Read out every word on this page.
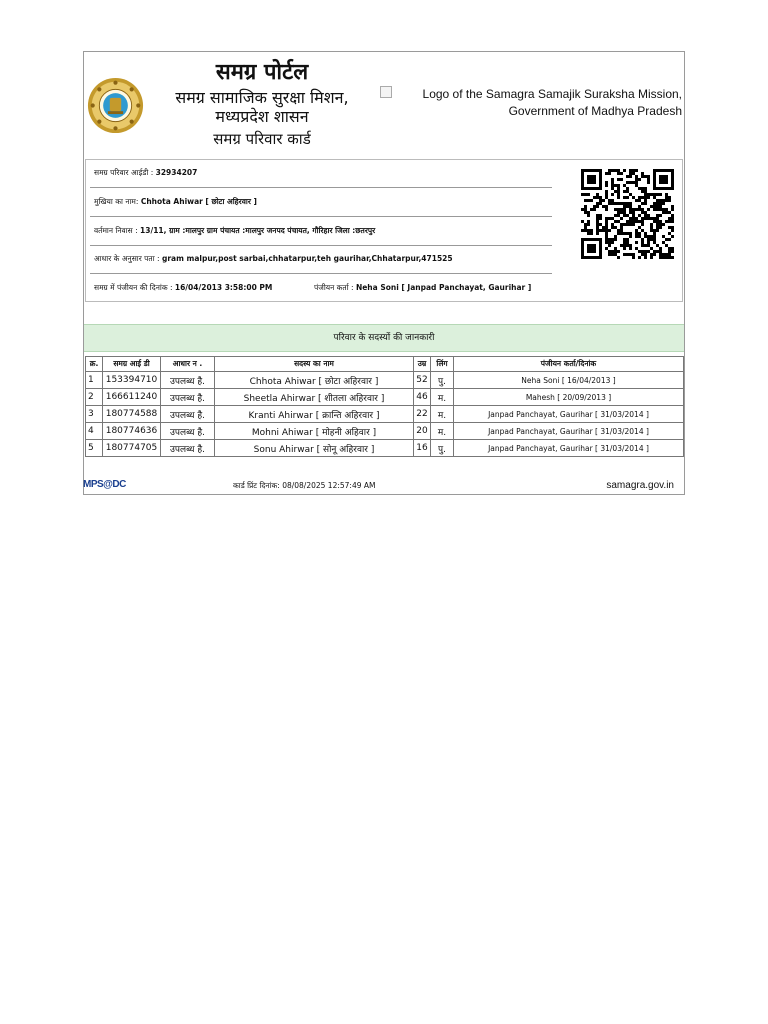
समग्र पोर्टल
समग्र सामाजिक सुरक्षा मिशन,
मध्यप्रदेश शासन
समग्र परिवार कार्ड
Logo of the Samagra Samajik Suraksha Mission,
Government of Madhya Pradesh
समग्र परिवार आईडी : 32934207
मुखिया का नाम: Chhota Ahiwar [ छोटा अहिरवार ]
वर्तमान निवास : 13/11, ग्राम :मालपुर ग्राम पंचायत :मालपुर जनपद पंचायत, गौरिहार जिला :छतरपुर
आधार के अनुसार पता : gram malpur,post sarbai,chhatarpur,teh gaurihar,Chhatarpur,471525
समग्र में पंजीयन की दिनांक : 16/04/2013 3:58:00 PM	पंजीयन कर्ता : Neha Soni [ Janpad Panchayat, Gaurihar ]
परिवार के सदस्यों की जानकारी
क्र.	समग्र आई डी	आधार न .	सदस्य का नाम	उम्र	लिंग	पंजीयन कर्ता/दिनांक
1	153394710	उपलब्ध है.	Chhota Ahiwar [ छोटा अहिरवार ]	52	पु.	Neha Soni [ 16/04/2013 ]
2	166611240	उपलब्ध है.	Sheetla Ahirwar [ शीतला अहिरवार ]	46	म.	Mahesh [ 20/09/2013 ]
3	180774588	उपलब्ध है.	Kranti Ahirwar [ क्रान्ति अहिरवार ]	22	म.	Janpad Panchayat, Gaurihar [ 31/03/2014 ]
4	180774636	उपलब्ध है.	Mohni Ahiwar [ मोहनी अहिवार ]	20	म.	Janpad Panchayat, Gaurihar [ 31/03/2014 ]
5	180774705	उपलब्ध है.	Sonu Ahirwar [ सोनू अहिरवार ]	16	पु.	Janpad Panchayat, Gaurihar [ 31/03/2014 ]
MPS@DC
	कार्ड प्रिंट दिनांक: 08/08/2025 12:57:49 AM	samagra.gov.in
